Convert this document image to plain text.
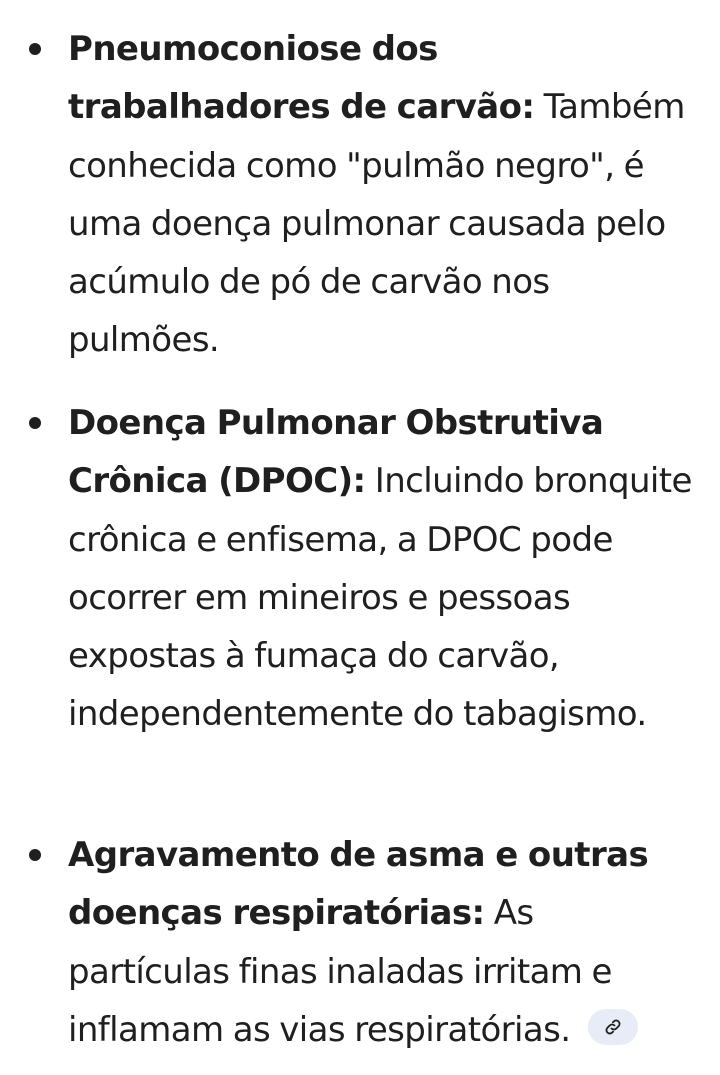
Pneumoconiose dos trabalhadores de carvão: Também conhecida como "pulmão negro", é uma doença pulmonar causada pelo acúmulo de pó de carvão nos pulmões.
Doença Pulmonar Obstrutiva Crônica (DPOC): Incluindo bronquite crônica e enfisema, a DPOC pode ocorrer em mineiros e pessoas expostas à fumaça do carvão, independentemente do tabagismo.
Agravamento de asma e outras doenças respiratórias: As partículas finas inaladas irritam e inflamam as vias respiratórias.
